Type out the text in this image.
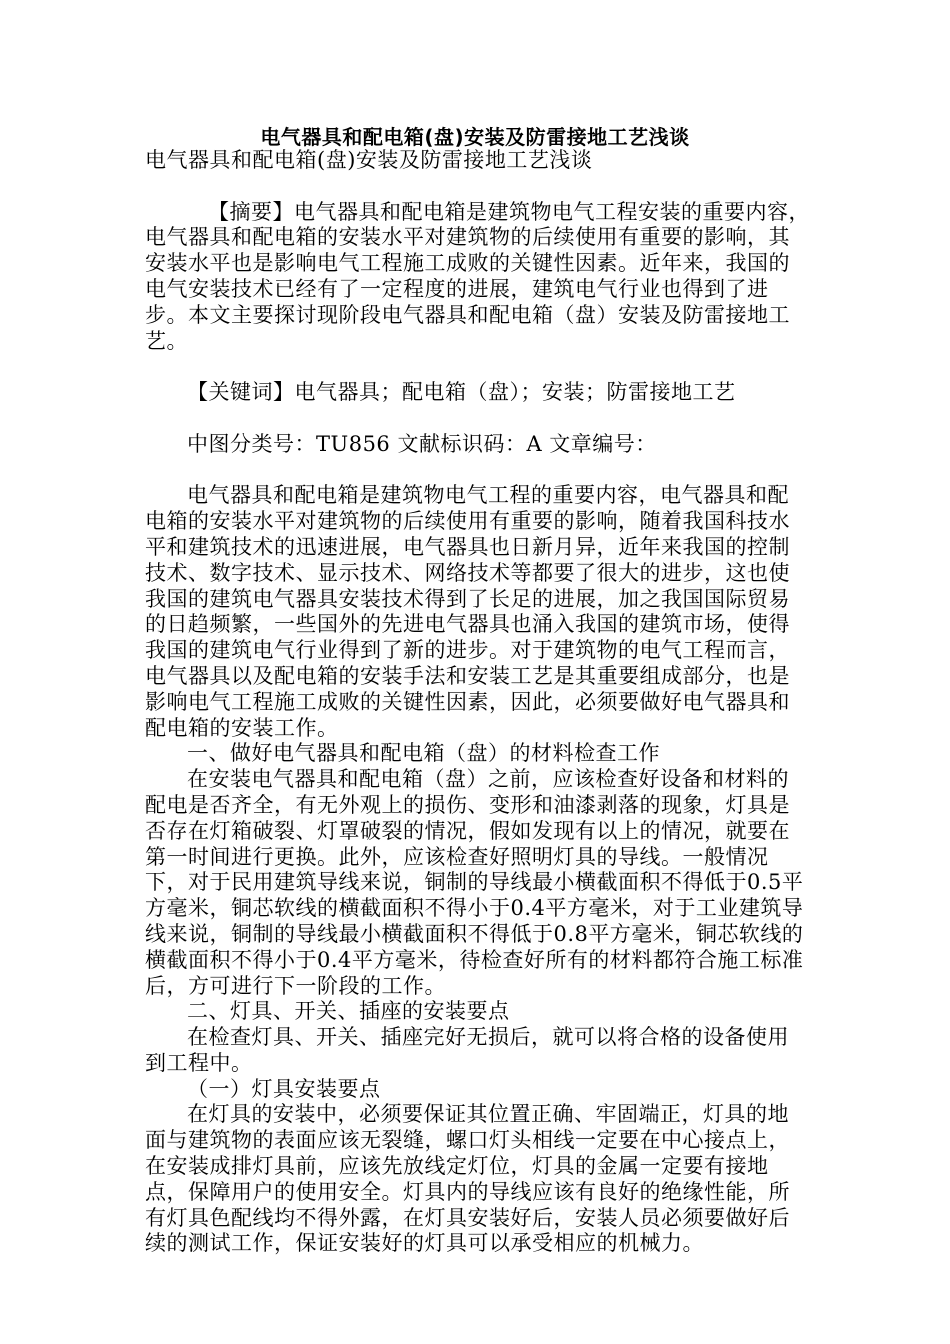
电气器具和配电箱(盘)安装及防雷接地工艺浅谈

电气器具和配电箱(盘)安装及防雷接地工艺浅谈

【摘要】电气器具和配电箱是建筑物电气工程安装的重要内容，电气器具和配电箱的安装水平对建筑物的后续使用有重要的影响，其安装水平也是影响电气工程施工成败的关键性因素。近年来，我国的电气安装技术已经有了一定程度的进展，建筑电气行业也得到了进步。本文主要探讨现阶段电气器具和配电箱（盘）安装及防雷接地工艺。

【关键词】电气器具；配电箱（盘）；安装；防雷接地工艺

中图分类号：TU856 文献标识码：A 文章编号：

电气器具和配电箱是建筑物电气工程的重要内容，电气器具和配电箱的安装水平对建筑物的后续使用有重要的影响，随着我国科技水平和建筑技术的迅速进展，电气器具也日新月异，近年来我国的控制技术、数字技术、显示技术、网络技术等都要了很大的进步，这也使我国的建筑电气器具安装技术得到了长足的进展，加之我国国际贸易的日趋频繁，一些国外的先进电气器具也涌入我国的建筑市场，使得我国的建筑电气行业得到了新的进步。对于建筑物的电气工程而言，电气器具以及配电箱的安装手法和安装工艺是其重要组成部分，也是影响电气工程施工成败的关键性因素，因此，必须要做好电气器具和配电箱的安装工作。

一、做好电气器具和配电箱（盘）的材料检查工作

在安装电气器具和配电箱（盘）之前，应该检查好设备和材料的配电是否齐全，有无外观上的损伤、变形和油漆剥落的现象，灯具是否存在灯箱破裂、灯罩破裂的情况，假如发现有以上的情况，就要在第一时间进行更换。此外，应该检查好照明灯具的导线。一般情况下，对于民用建筑导线来说，铜制的导线最小横截面积不得低于0.5平方毫米，铜芯软线的横截面积不得小于0.4平方毫米，对于工业建筑导线来说，铜制的导线最小横截面积不得低于0.8平方毫米，铜芯软线的横截面积不得小于0.4平方毫米，待检查好所有的材料都符合施工标准后，方可进行下一阶段的工作。

二、灯具、开关、插座的安装要点

在检查灯具、开关、插座完好无损后，就可以将合格的设备使用到工程中。

（一）灯具安装要点

在灯具的安装中，必须要保证其位置正确、牢固端正，灯具的地面与建筑物的表面应该无裂缝，螺口灯头相线一定要在中心接点上，在安装成排灯具前，应该先放线定灯位，灯具的金属一定要有接地点，保障用户的使用安全。灯具内的导线应该有良好的绝缘性能，所有灯具色配线均不得外露，在灯具安装好后，安装人员必须要做好后续的测试工作，保证安装好的灯具可以承受相应的机械力。
